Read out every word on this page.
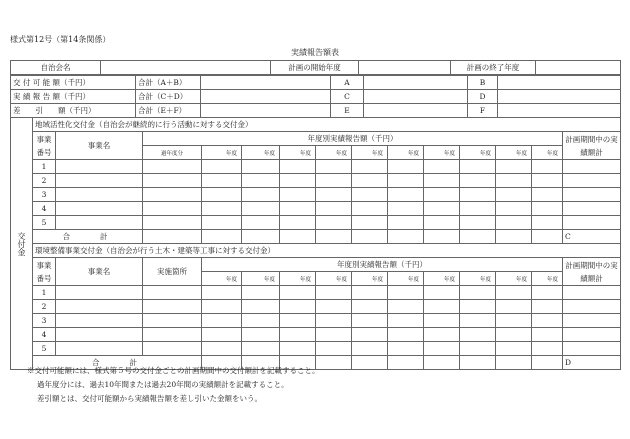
様式第12号（第14条関係）
実績報告額表
自治会名		計画の開始年度		計画の終了年度	
交 付 可 能 額（千円）	合計（A＋B）		A		B	
実 績 報 告 額（千円）	合計（C＋D）		C		D	
差　　引　　額（千円）	合計（E＋F）		E		F	
交付金	地域活性化交付金（自治会が継続的に行う活動に対する交付金）													
	事業番号	事業名	年度別実績報告額（千円）											計画期間中の実績額計
			過年度分	年度	年度	年度	年度	年度	年度	年度	年度	年度	年度	
	1													
	2													
	3													
	4													
	5													
	合　　計													C
	環境整備事業交付金（自治会が行う土木・建築等工事に対する交付金）													
	事業番号	事業名	実施箇所	年度別実績報告額（千円）										計画期間中の実績額計
				年度	年度	年度	年度	年度	年度	年度	年度	年度	年度	
	1													
	2													
	3													
	4													
	5													
	合　　計													D
※交付可能額には、様式第５号の交付金ごとの計画期間中の交付額計を記載すること。
過年度分には、過去10年間または過去20年間の実績額計を記載すること。
差引額とは、交付可能額から実績報告額を差し引いた金額をいう。
